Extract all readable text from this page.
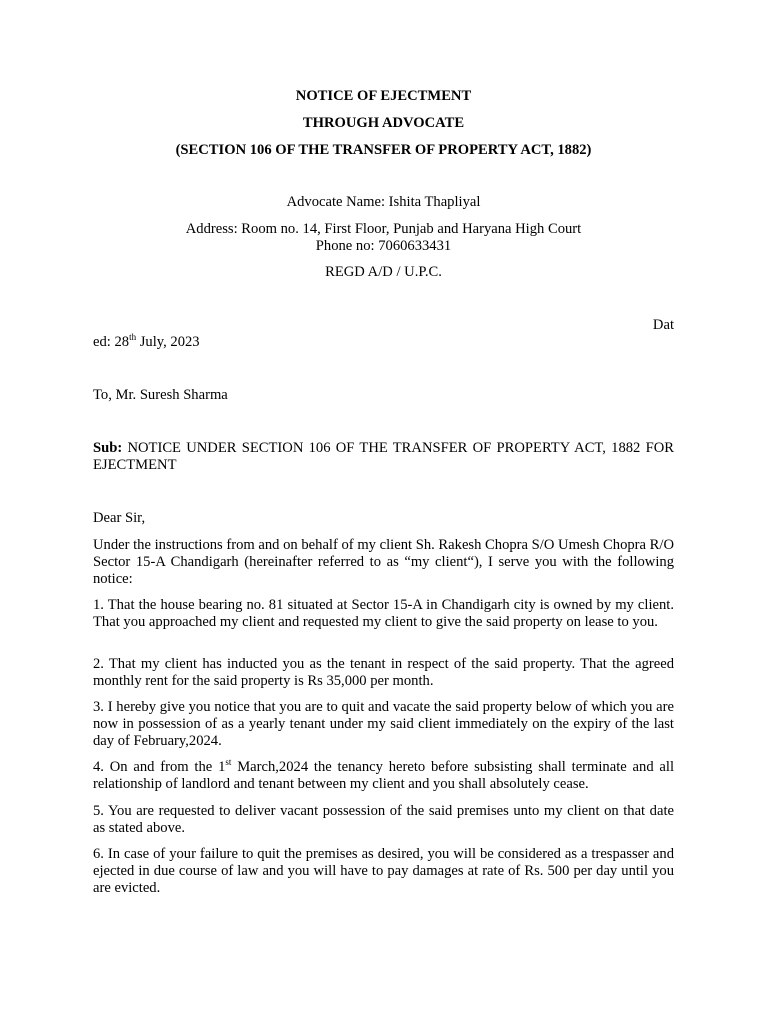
NOTICE OF EJECTMENT
THROUGH ADVOCATE
(SECTION 106 OF THE TRANSFER OF PROPERTY ACT, 1882)
Advocate Name: Ishita Thapliyal
Address: Room no. 14, First Floor, Punjab and Haryana High Court
Phone no: 7060633431
REGD A/D / U.P.C.
Dat
ed: 28th July, 2023
To, Mr. Suresh Sharma
Sub: NOTICE UNDER SECTION 106 OF THE TRANSFER OF PROPERTY ACT, 1882 FOR EJECTMENT
Dear Sir,
Under the instructions from and on behalf of my client Sh. Rakesh Chopra S/O Umesh Chopra R/O Sector 15-A Chandigarh (hereinafter referred to as “my client“), I serve you with the following notice:
1. That the house bearing no. 81 situated at Sector 15-A in Chandigarh city is owned by my client. That you approached my client and requested my client to give the said property on lease to you.
2. That my client has inducted you as the tenant in respect of the said property. That the agreed monthly rent for the said property is Rs 35,000 per month.
3. I hereby give you notice that you are to quit and vacate the said property below of which you are now in possession of as a yearly tenant under my said client immediately on the expiry of the last day of February,2024.
4. On and from the 1st March,2024 the tenancy hereto before subsisting shall terminate and all relationship of landlord and tenant between my client and you shall absolutely cease.
5. You are requested to deliver vacant possession of the said premises unto my client on that date as stated above.
6. In case of your failure to quit the premises as desired, you will be considered as a trespasser and ejected in due course of law and you will have to pay damages at rate of Rs. 500 per day until you are evicted.
